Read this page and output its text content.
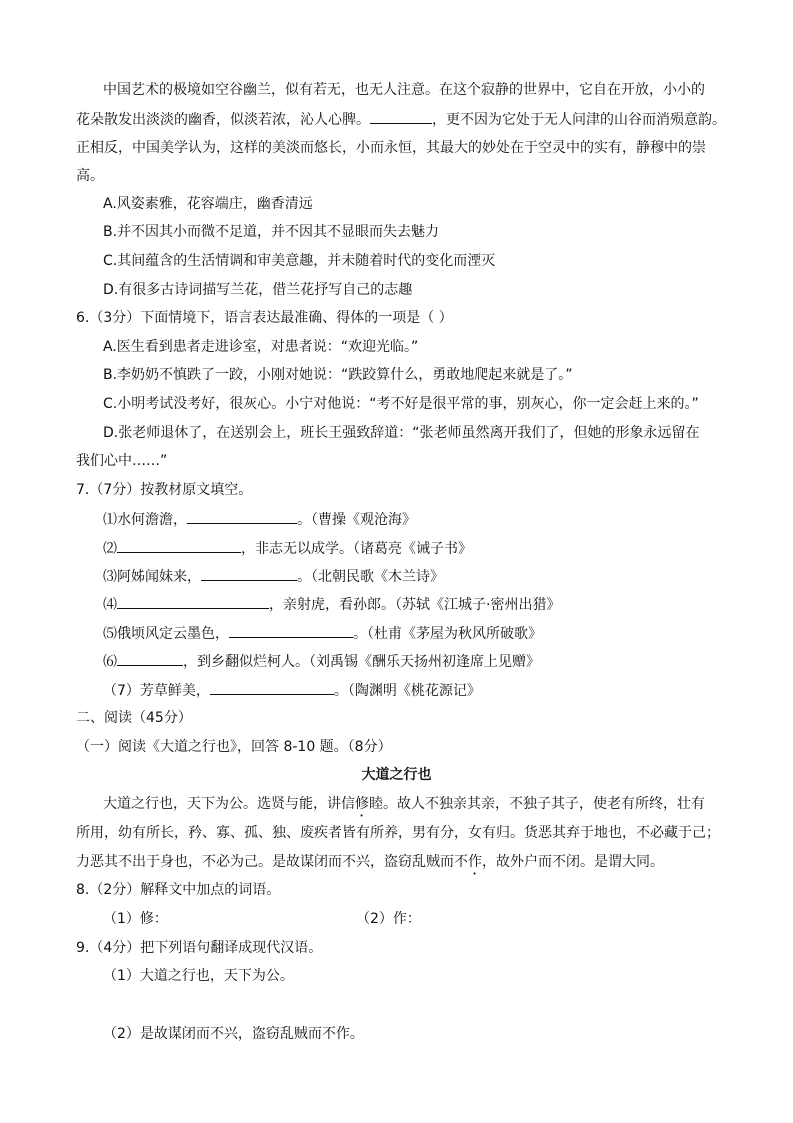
中国艺术的极境如空谷幽兰，似有若无，也无人注意。在这个寂静的世界中，它自在开放，小小的
花朵散发出淡淡的幽香，似淡若浓，沁人心脾。	，更不因为它处于无人问津的山谷而消殒意韵。
正相反，中国美学认为，这样的美淡而悠长，小而永恒，其最大的妙处在于空灵中的实有，静穆中的崇
高。
A.风姿素雅，花容端庄，幽香清远
B.并不因其小而微不足道，并不因其不显眼而失去魅力
C.其间蕴含的生活情调和审美意趣，并未随着时代的变化而湮灭
D.有很多古诗词描写兰花，借兰花抒写自己的志趣
6.（3分）下面情境下，语言表达最准确、得体的一项是（ ）
A.医生看到患者走进诊室，对患者说：“欢迎光临。”
B.李奶奶不慎跌了一跤，小刚对她说：“跌跤算什么，勇敢地爬起来就是了。”
C.小明考试没考好，很灰心。小宁对他说：“考不好是很平常的事，别灰心，你一定会赶上来的。”
D.张老师退休了，在送别会上，班长王强致辞道：“张老师虽然离开我们了，但她的形象永远留在
我们心中……”
7.（7分）按教材原文填空。
⑴水何澹澹，	。（曹操《观沧海》
⑵	，非志无以成学。（诸葛亮《诫子书》
⑶阿姊闻妹来，	。（北朝民歌《木兰诗》
⑷	，亲射虎，看孙郎。（苏轼《江城子·密州出猎》
⑸俄顷风定云墨色，	。（杜甫《茅屋为秋风所破歌》
⑹	，到乡翻似烂柯人。（刘禹锡《酬乐天扬州初逢席上见赠》
（7）芳草鲜美，	。（陶渊明《桃花源记》
二、阅读（45分）
（一）阅读《大道之行也》，回答 8-10 题。（8分）
大道之行也
大道之行也，天下为公。选贤与能，讲信修睦。故人不独亲其亲，不独子其子，使老有所终，壮有
所用，幼有所长，矜、寡、孤、独、废疾者皆有所养，男有分，女有归。货恶其弃于地也，不必藏于己；
力恶其不出于身也，不必为己。是故谋闭而不兴，盗窃乱贼而不作，故外户而不闭。是谓大同。
8.（2分）解释文中加点的词语。
（1）修：	（2）作：
9.（4分）把下列语句翻译成现代汉语。
（1）大道之行也，天下为公。
（2）是故谋闭而不兴，盗窃乱贼而不作。
